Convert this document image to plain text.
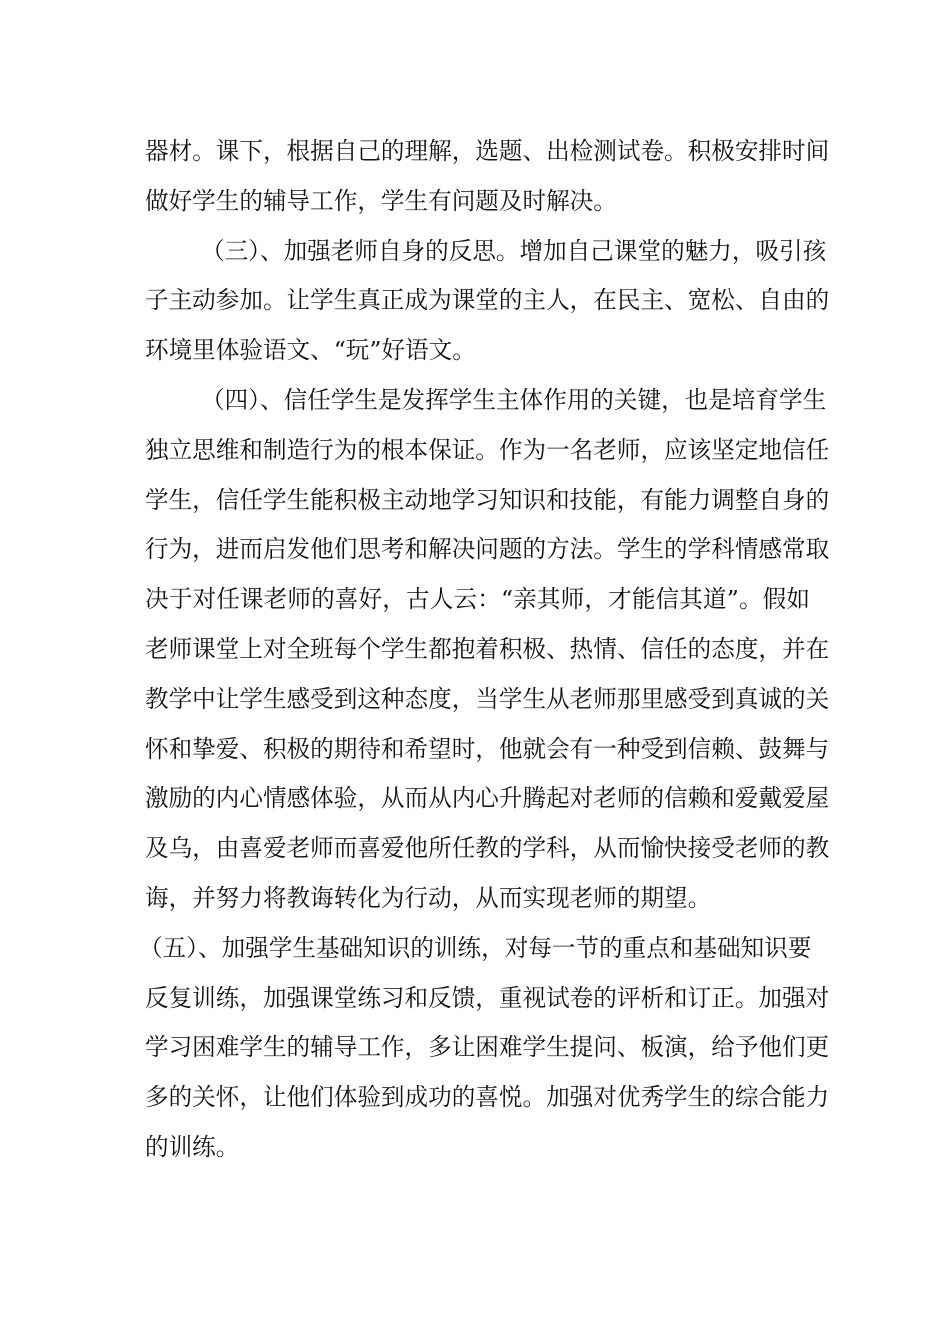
器材。课下，根据自己的理解，选题、出检测试卷。积极安排时间
做好学生的辅导工作，学生有问题及时解决。
（三）、加强老师自身的反思。增加自己课堂的魅力，吸引孩
子主动参加。让学生真正成为课堂的主人，在民主、宽松、自由的
环境里体验语文、“玩”好语文。
（四）、信任学生是发挥学生主体作用的关键，也是培育学生
独立思维和制造行为的根本保证。作为一名老师，应该坚定地信任
学生，信任学生能积极主动地学习知识和技能，有能力调整自身的
行为，进而启发他们思考和解决问题的方法。学生的学科情感常取
决于对任课老师的喜好，古人云：“亲其师，才能信其道”。假如
老师课堂上对全班每个学生都抱着积极、热情、信任的态度，并在
教学中让学生感受到这种态度，当学生从老师那里感受到真诚的关
怀和挚爱、积极的期待和希望时，他就会有一种受到信赖、鼓舞与
激励的内心情感体验，从而从内心升腾起对老师的信赖和爱戴爱屋
及乌，由喜爱老师而喜爱他所任教的学科，从而愉快接受老师的教
诲，并努力将教诲转化为行动，从而实现老师的期望。
（五）、加强学生基础知识的训练，对每一节的重点和基础知识要
反复训练，加强课堂练习和反馈，重视试卷的评析和订正。加强对
学习困难学生的辅导工作，多让困难学生提问、板演，给予他们更
多的关怀，让他们体验到成功的喜悦。加强对优秀学生的综合能力
的训练。
